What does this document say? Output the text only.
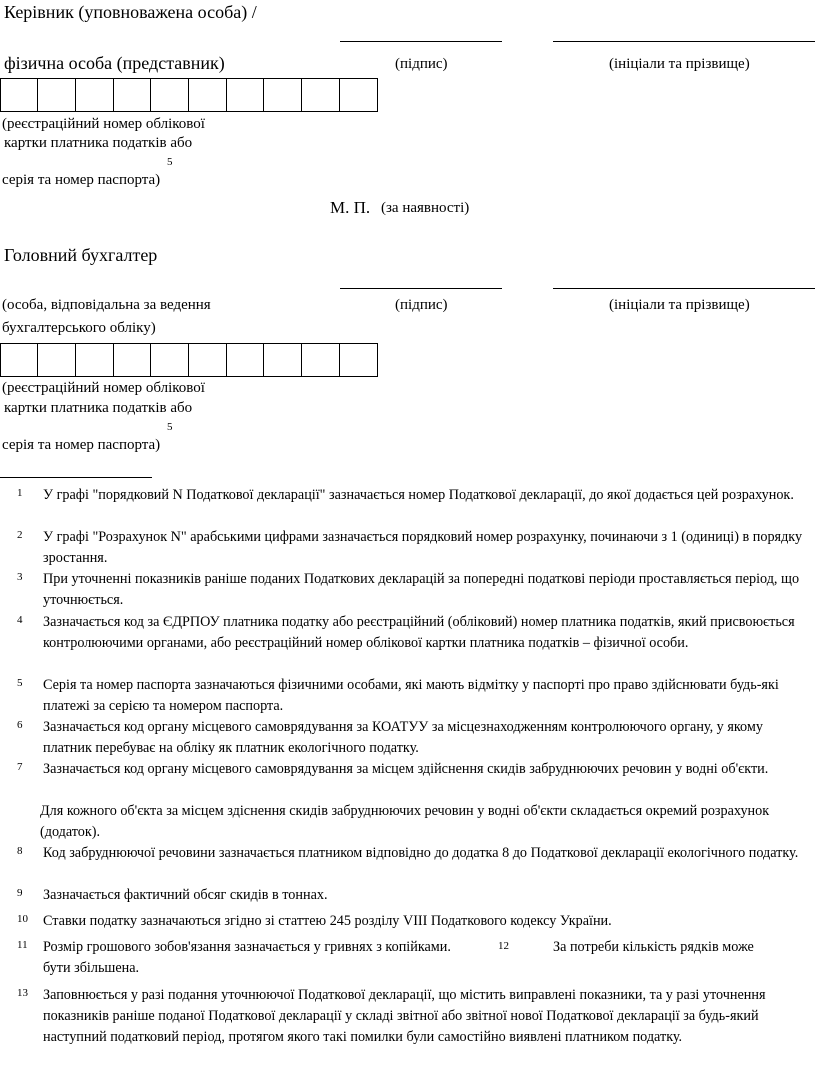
Керівник (уповноважена особа) /
фізична особа (представник)	(підпис)	(ініціали та прізвище)
(реєстраційний номер облікової
картки платника податків або
5
серія та номер паспорта)
М. П. (за наявності)
Головний бухгалтер
(особа, відповідальна за ведення	(підпис)	(ініціали та прізвище)
бухгалтерського обліку)
(реєстраційний номер облікової
картки платника податків або
5
серія та номер паспорта)
1 У графі "порядковий N Податкової декларації" зазначається номер Податкової декларації, до якої додається цей розрахунок.
2 У графі "Розрахунок N" арабськими цифрами зазначається порядковий номер розрахунку, починаючи з 1 (одиниці) в порядку зростання.
3 При уточненні показників раніше поданих Податкових декларацій за попередні податкові періоди проставляється період, що уточнюється.
4 Зазначається код за ЄДРПОУ платника податку або реєстраційний (обліковий) номер платника податків, який присвоюється контролюючими органами, або реєстраційний номер облікової картки платника податків – фізичної особи.
5 Серія та номер паспорта зазначаються фізичними особами, які мають відмітку у паспорті про право здійснювати будь-які платежі за серією та номером паспорта.
6 Зазначається код органу місцевого самоврядування за КОАТУУ за місцезнаходженням контролюючого органу, у якому платник перебуває на обліку як платник екологічного податку.
7 Зазначається код органу місцевого самоврядування за місцем здійснення скидів забруднюючих речовин у водні об'єкти.
Для кожного об'єкта за місцем здіснення скидів забруднюючих речовин у водні об'єкти складається окремий розрахунок (додаток).
8 Код забруднюючої речовини зазначається платником відповідно до додатка 8 до Податкової декларації екологічного податку.
9 Зазначається фактичний обсяг скидів в тоннах.
10 Ставки податку зазначаються згідно зі статтею 245 розділу VIII Податкового кодексу України.
11 Розмір грошового зобов'язання зазначається у гривнях з копійками.	12	За потреби кількість рядків може
бути збільшена.
13 Заповнюється у разі подання уточнюючої Податкової декларації, що містить виправлені показники, та у разі уточнення показників раніше поданої Податкової декларації у складі звітної або звітної нової Податкової декларації за будь-який наступний податковий період, протягом якого такі помилки були самостійно виявлені платником податку.
